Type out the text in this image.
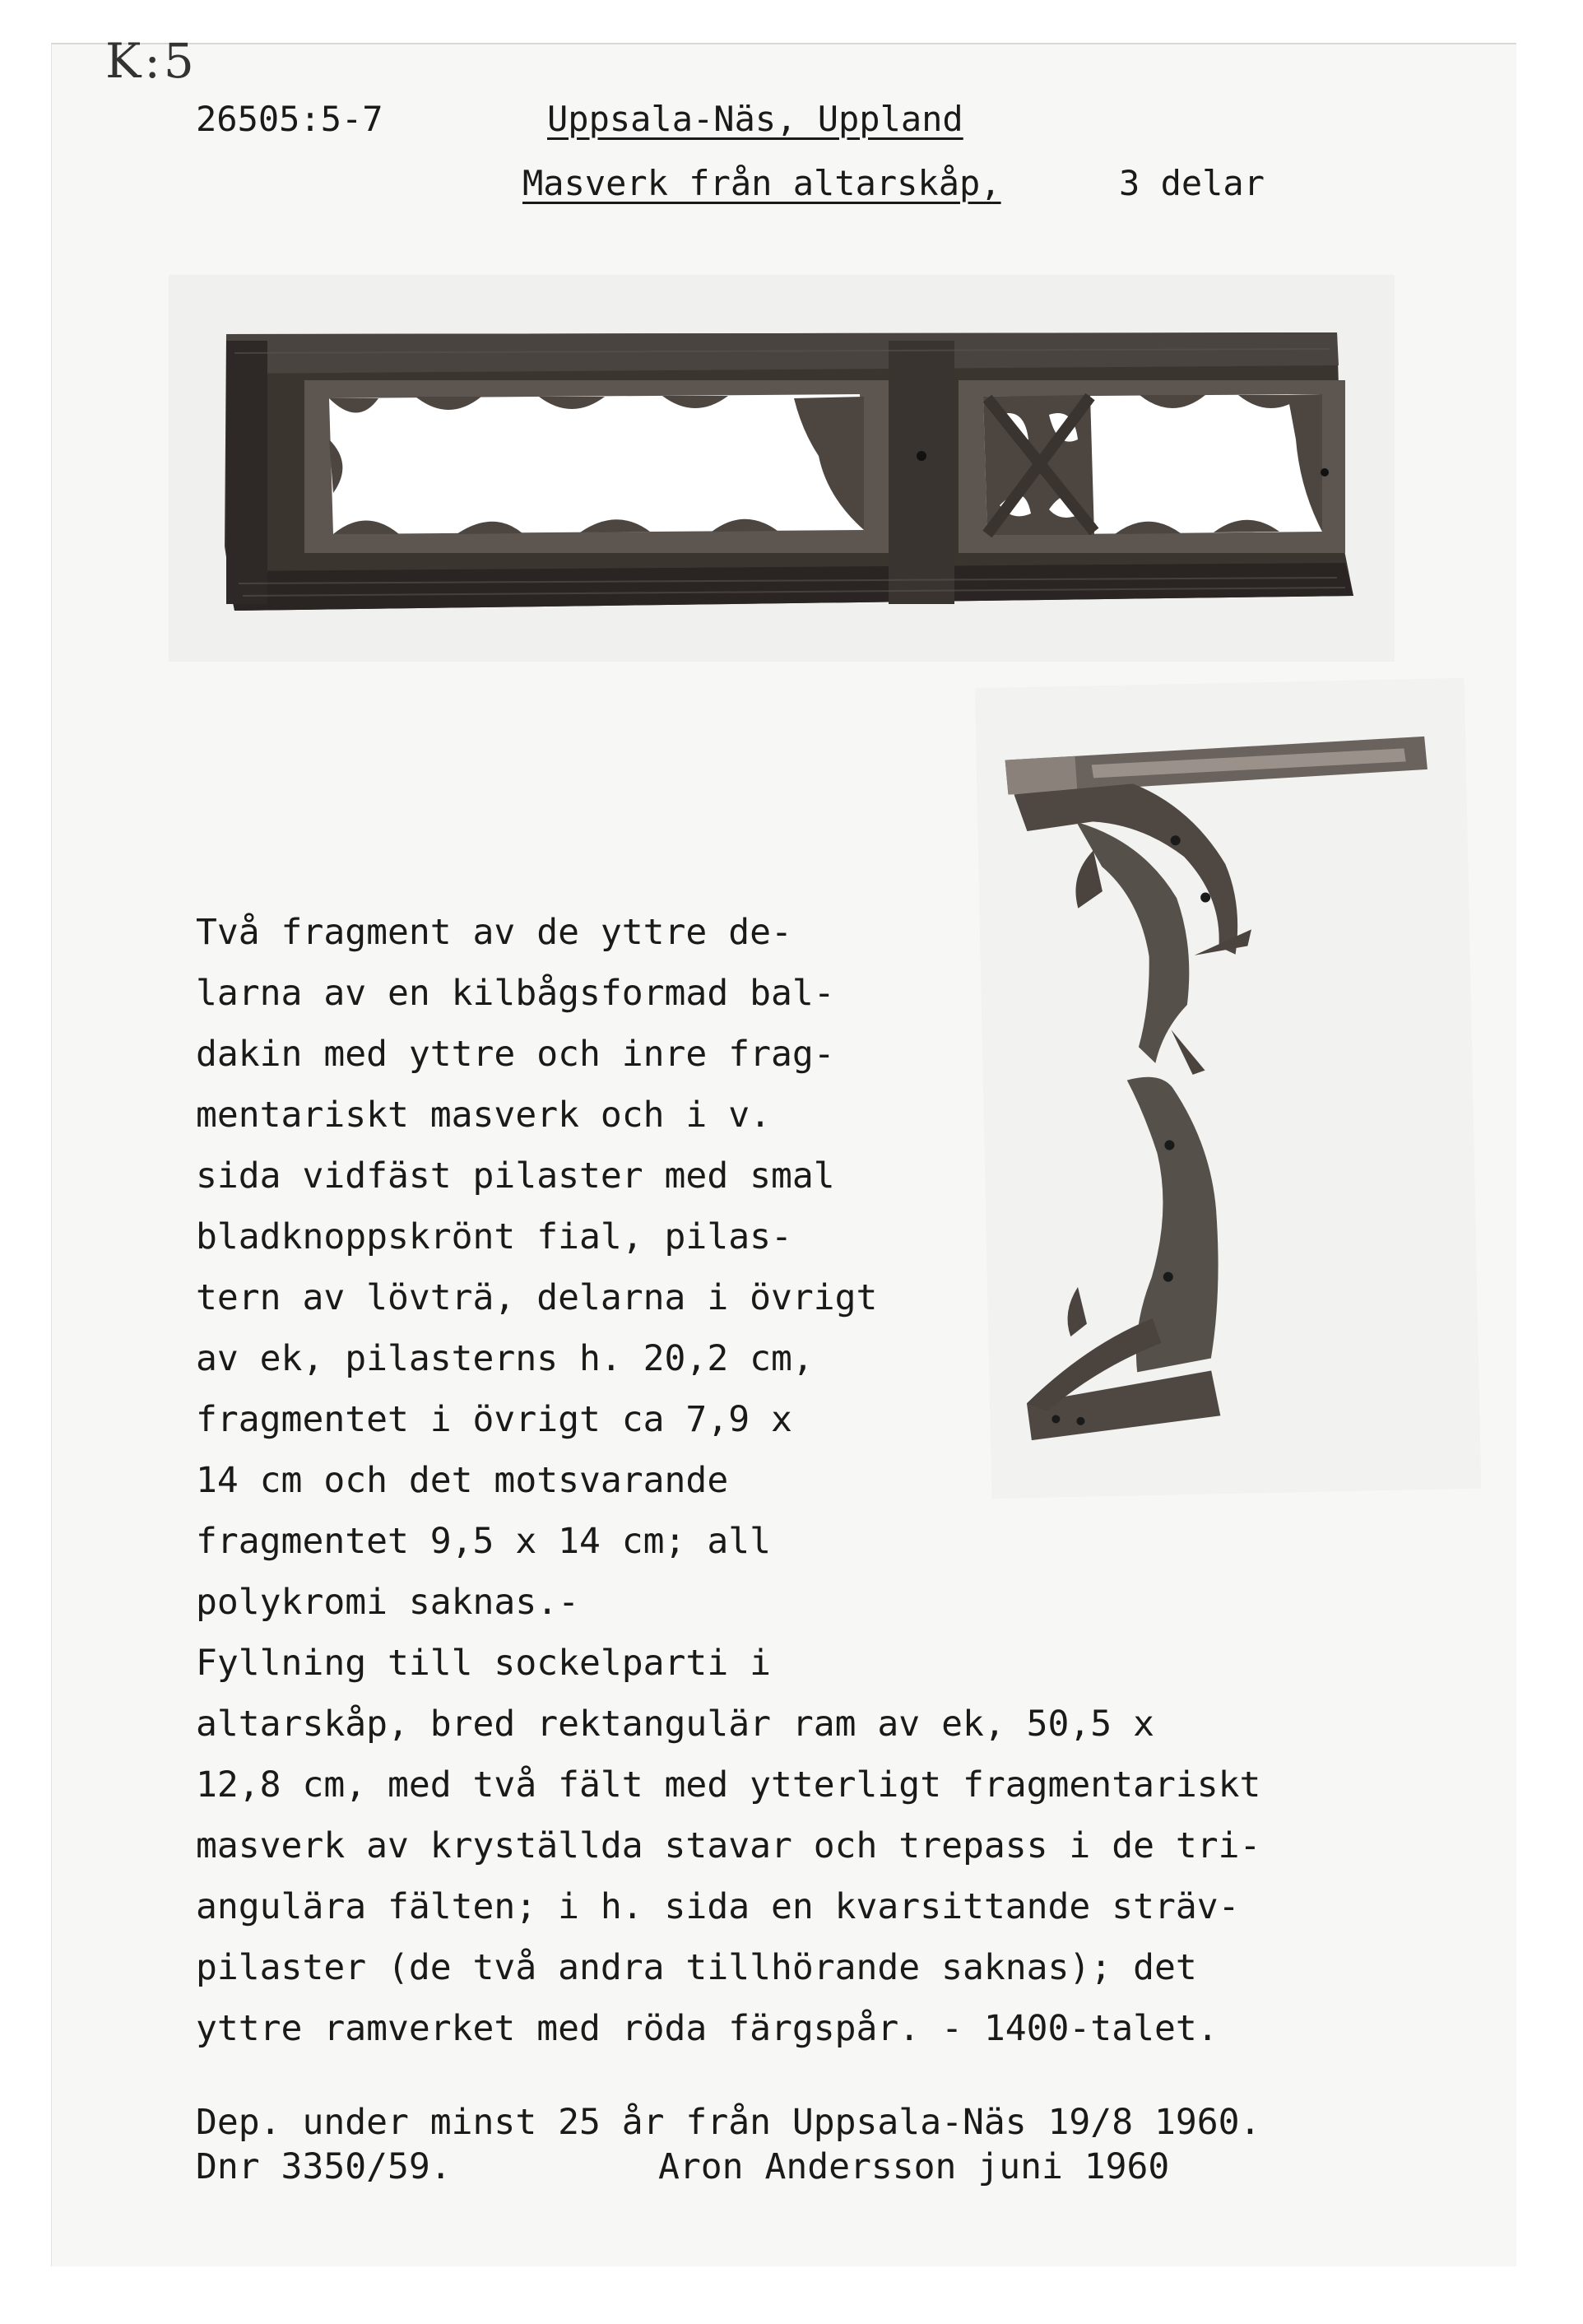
K:5
26505:5-7	Uppsala-Näs, Uppland
Masverk från altarskåp,	3 delar
Två fragment av de yttre de-
larna av en kilbågsformad bal-
dakin med yttre och inre frag-
mentariskt masverk och i v.
sida vidfäst pilaster med smal
bladknoppskrönt fial, pilas-
tern av lövträ, delarna i övrigt
av ek, pilasterns h. 20,2 cm,
fragmentet i övrigt ca 7,9 x
14 cm och det motsvarande
fragmentet 9,5 x 14 cm; all
polykromi saknas.-
Fyllning till sockelparti i
altarskåp, bred rektangulär ram av ek, 50,5 x
12,8 cm, med två fält med ytterligt fragmentariskt
masverk av kryställda stavar och trepass i de tri-
angulära fälten; i h. sida en kvarsittande sträv-
pilaster (de två andra tillhörande saknas); det
yttre ramverket med röda färgspår. - 1400-talet.
Dep. under minst 25 år från Uppsala-Näs 19/8 1960.
Dnr 3350/59.	Aron Andersson juni 1960
